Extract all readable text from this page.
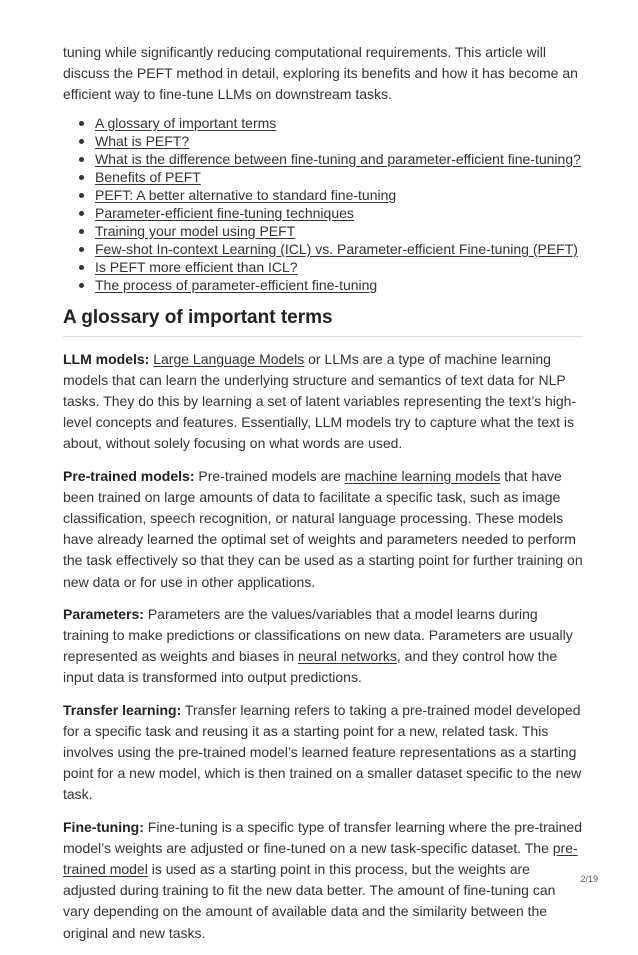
tuning while significantly reducing computational requirements. This article will discuss the PEFT method in detail, exploring its benefits and how it has become an efficient way to fine-tune LLMs on downstream tasks.

A glossary of important terms
What is PEFT?
What is the difference between fine-tuning and parameter-efficient fine-tuning?
Benefits of PEFT
PEFT: A better alternative to standard fine-tuning
Parameter-efficient fine-tuning techniques
Training your model using PEFT
Few-shot In-context Learning (ICL) vs. Parameter-efficient Fine-tuning (PEFT)
Is PEFT more efficient than ICL?
The process of parameter-efficient fine-tuning
A glossary of important terms

LLM models: Large Language Models or LLMs are a type of machine learning models that can learn the underlying structure and semantics of text data for NLP tasks. They do this by learning a set of latent variables representing the text’s high-level concepts and features. Essentially, LLM models try to capture what the text is about, without solely focusing on what words are used.

Pre-trained models: Pre-trained models are machine learning models that have been trained on large amounts of data to facilitate a specific task, such as image classification, speech recognition, or natural language processing. These models have already learned the optimal set of weights and parameters needed to perform the task effectively so that they can be used as a starting point for further training on new data or for use in other applications.

Parameters: Parameters are the values/variables that a model learns during training to make predictions or classifications on new data. Parameters are usually represented as weights and biases in neural networks, and they control how the input data is transformed into output predictions.

Transfer learning: Transfer learning refers to taking a pre-trained model developed for a specific task and reusing it as a starting point for a new, related task. This involves using the pre-trained model’s learned feature representations as a starting point for a new model, which is then trained on a smaller dataset specific to the new task.

Fine-tuning: Fine-tuning is a specific type of transfer learning where the pre-trained model’s weights are adjusted or fine-tuned on a new task-specific dataset. The pre-trained model is used as a starting point in this process, but the weights are adjusted during training to fit the new data better. The amount of fine-tuning can vary depending on the amount of available data and the similarity between the original and new tasks.

2/19
